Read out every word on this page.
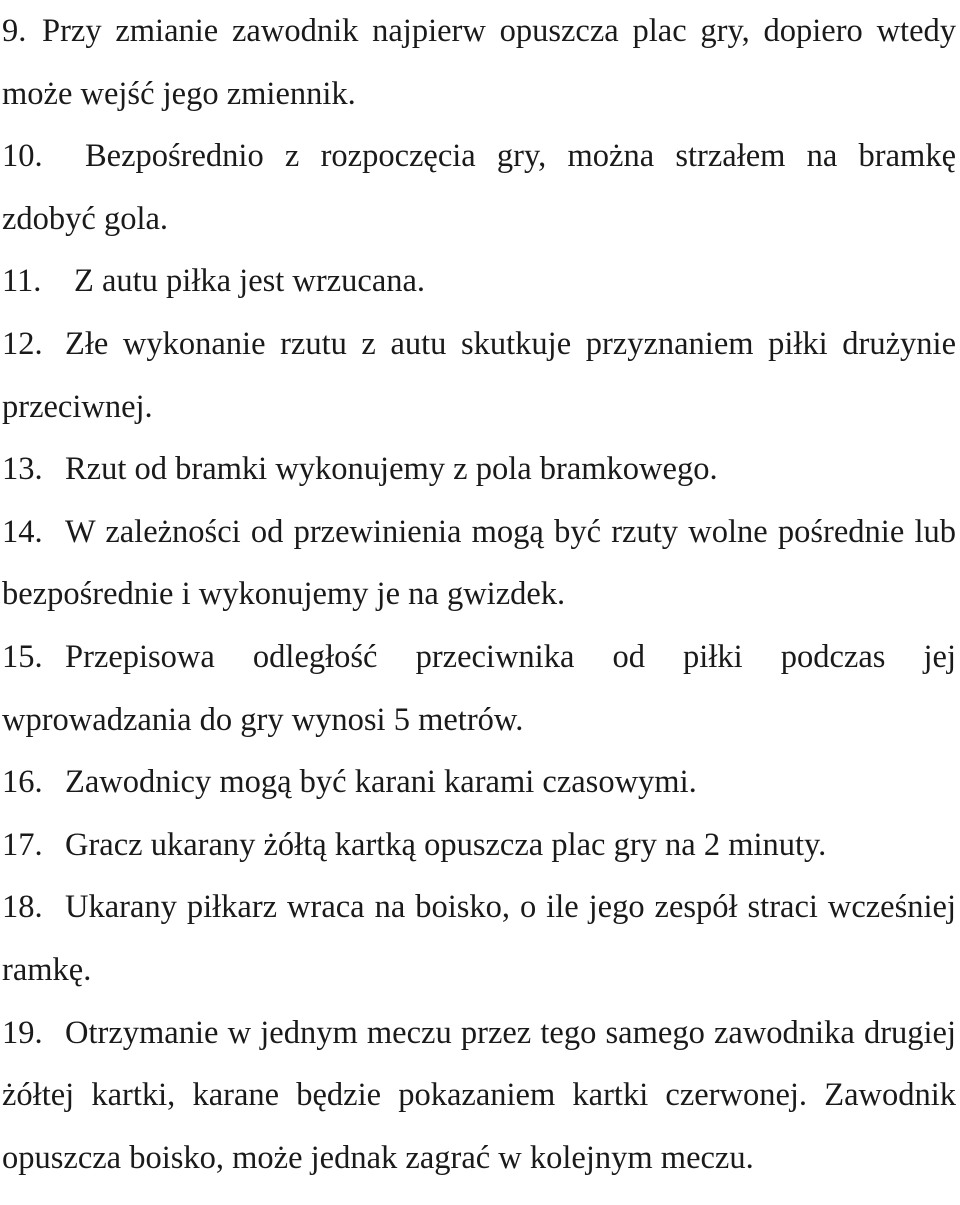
9. Przy zmianie zawodnik najpierw opuszcza plac gry, dopiero wtedy może wejść jego zmiennik.

10. Bezpośrednio z rozpoczęcia gry, można strzałem na bramkę zdobyć gola.

11. Z autu piłka jest wrzucana.

12. Złe wykonanie rzutu z autu skutkuje przyznaniem piłki drużynie przeciwnej.

13. Rzut od bramki wykonujemy z pola bramkowego.

14. W zależności od przewinienia mogą być rzuty wolne pośrednie lub bezpośrednie i wykonujemy je na gwizdek.

15. Przepisowa odległość przeciwnika od piłki podczas jej wprowadzania do gry wynosi 5 metrów.

16. Zawodnicy mogą być karani karami czasowymi.

17. Gracz ukarany żółtą kartką opuszcza plac gry na 2 minuty.

18. Ukarany piłkarz wraca na boisko, o ile jego zespół straci wcześniej ramkę.

19. Otrzymanie w jednym meczu przez tego samego zawodnika drugiej żółtej kartki, karane będzie pokazaniem kartki czerwonej. Zawodnik opuszcza boisko, może jednak zagrać w kolejnym meczu.
